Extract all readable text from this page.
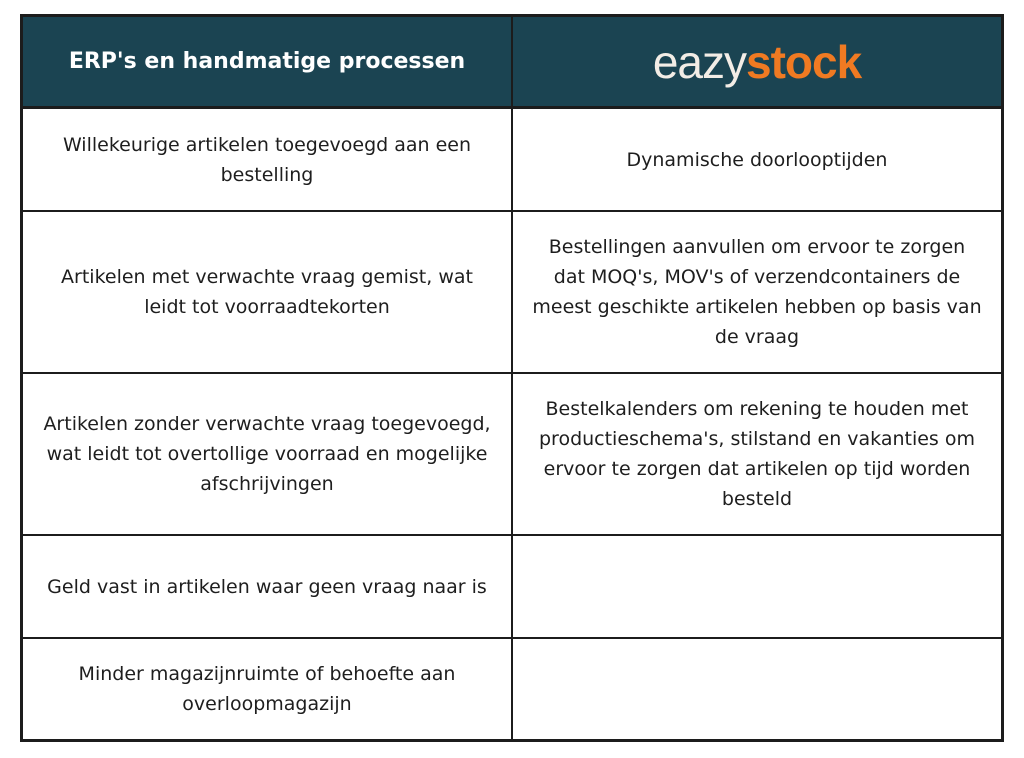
ERP's en handmatige processen	eazystock
Willekeurige artikelen toegevoegd aan een bestelling
Dynamische doorlooptijden
Artikelen met verwachte vraag gemist, wat leidt tot voorraadtekorten
Bestellingen aanvullen om ervoor te zorgen dat MOQ's, MOV's of verzendcontainers de meest geschikte artikelen hebben op basis van de vraag
Artikelen zonder verwachte vraag toegevoegd, wat leidt tot overtollige voorraad en mogelijke afschrijvingen
Bestelkalenders om rekening te houden met productieschema's, stilstand en vakanties om ervoor te zorgen dat artikelen op tijd worden besteld
Geld vast in artikelen waar geen vraag naar is
Minder magazijnruimte of behoefte aan overloopmagazijn
